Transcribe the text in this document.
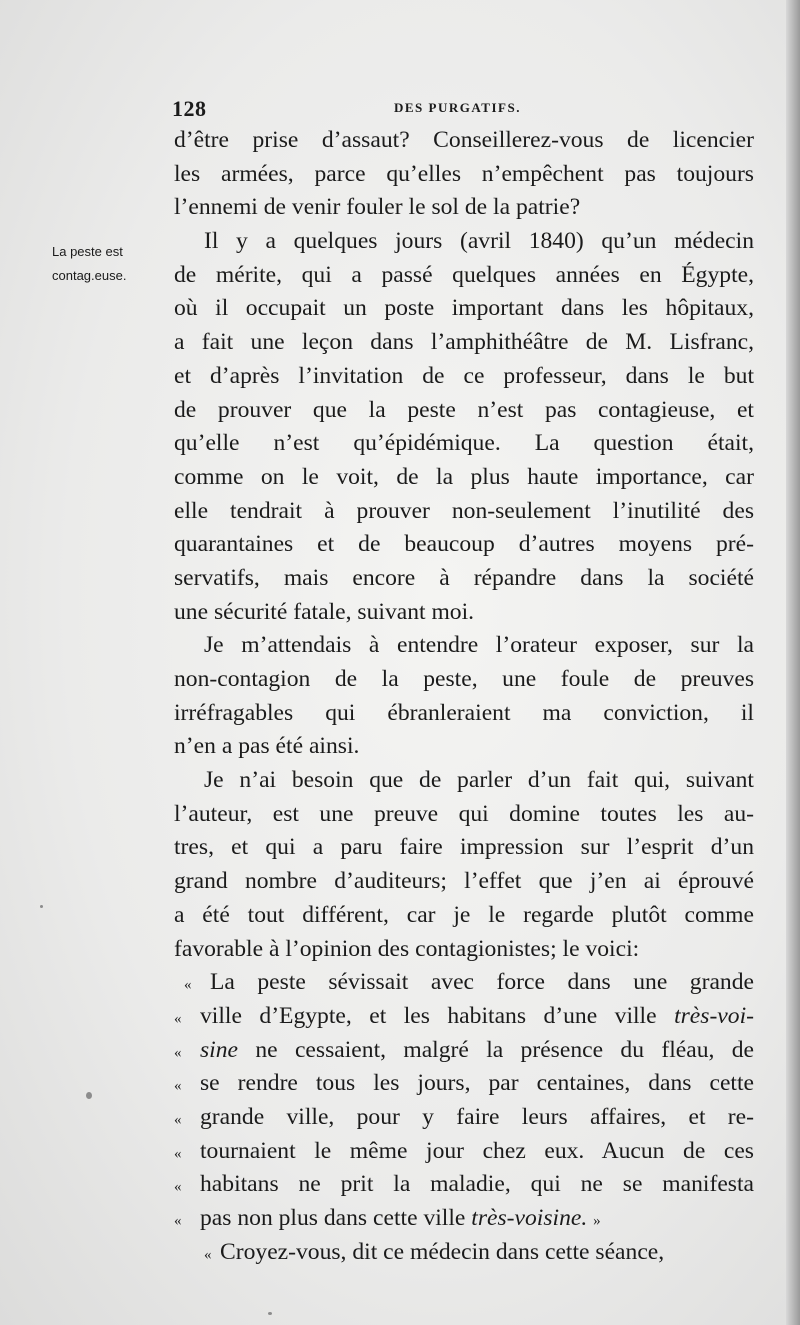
128	DES PURGATIFS.
La peste est
contag.euse.
d’être prise d’assaut? Conseillerez-vous de licencier
les armées, parce qu’elles n’empêchent pas toujours
l’ennemi de venir fouler le sol de la patrie?
Il y a quelques jours (avril 1840) qu’un médecin
de mérite, qui a passé quelques années en Égypte,
où il occupait un poste important dans les hôpitaux,
a fait une leçon dans l’amphithéâtre de M. Lisfranc,
et d’après l’invitation de ce professeur, dans le but
de prouver que la peste n’est pas contagieuse, et
qu’elle n’est qu’épidémique. La question était,
comme on le voit, de la plus haute importance, car
elle tendrait à prouver non-seulement l’inutilité des
quarantaines et de beaucoup d’autres moyens pré-
servatifs, mais encore à répandre dans la société
une sécurité fatale, suivant moi.
Je m’attendais à entendre l’orateur exposer, sur la
non-contagion de la peste, une foule de preuves
irréfragables qui ébranleraient ma conviction, il
n’en a pas été ainsi.
Je n’ai besoin que de parler d’un fait qui, suivant
l’auteur, est une preuve qui domine toutes les au-
tres, et qui a paru faire impression sur l’esprit d’un
grand nombre d’auditeurs; l’effet que j’en ai éprouvé
a été tout différent, car je le regarde plutôt comme
favorable à l’opinion des contagionistes; le voici:
« La peste sévissait avec force dans une grande
« ville d’Egypte, et les habitans d’une ville très-voi-
« sine ne cessaient, malgré la présence du fléau, de
« se rendre tous les jours, par centaines, dans cette
« grande ville, pour y faire leurs affaires, et re-
« tournaient le même jour chez eux. Aucun de ces
« habitans ne prit la maladie, qui ne se manifesta
« pas non plus dans cette ville très-voisine. »
« Croyez-vous, dit ce médecin dans cette séance,
